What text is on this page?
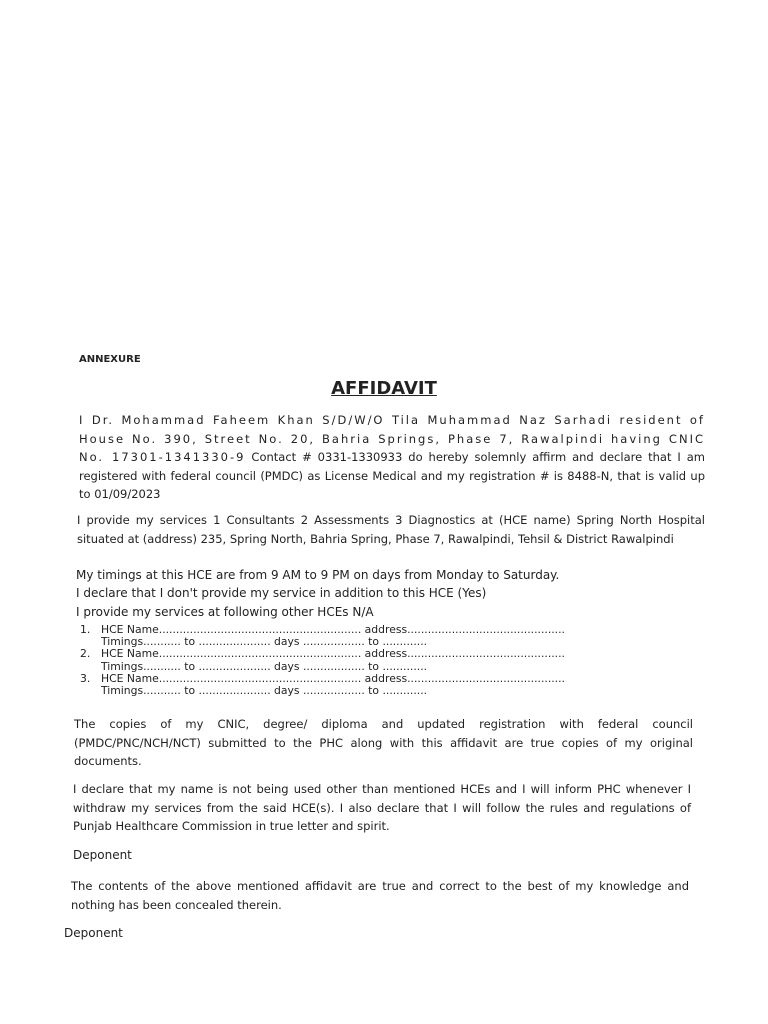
ANNEXURE
AFFIDAVIT
I Dr. Mohammad Faheem Khan S/D/W/O Tila Muhammad Naz Sarhadi resident of House No. 390, Street No. 20, Bahria Springs, Phase 7, Rawalpindi having CNIC No. 17301-1341330-9 Contact # 0331-1330933 do hereby solemnly affirm and declare that I am registered with federal council (PMDC) as License Medical and my registration # is 8488-N, that is valid up to 01/09/2023
I provide my services 1 Consultants 2 Assessments 3 Diagnostics at (HCE name) Spring North Hospital situated at (address) 235, Spring North, Bahria Spring, Phase 7, Rawalpindi, Tehsil & District Rawalpindi
My timings at this HCE are from 9 AM to 9 PM on days from Monday to Saturday.
I declare that I don't provide my service in addition to this HCE (Yes)
I provide my services at following other HCEs N/A
1. HCE Name........................................................... address..............................................
Timings........... to ..................... days .................. to .............
2. HCE Name........................................................... address..............................................
Timings........... to ..................... days .................. to .............
3. HCE Name........................................................... address..............................................
Timings........... to ..................... days .................. to .............
The copies of my CNIC, degree/ diploma and updated registration with federal council (PMDC/PNC/NCH/NCT) submitted to the PHC along with this affidavit are true copies of my original documents.
I declare that my name is not being used other than mentioned HCEs and I will inform PHC whenever I withdraw my services from the said HCE(s). I also declare that I will follow the rules and regulations of Punjab Healthcare Commission in true letter and spirit.
Deponent
The contents of the above mentioned affidavit are true and correct to the best of my knowledge and nothing has been concealed therein.
Deponent
